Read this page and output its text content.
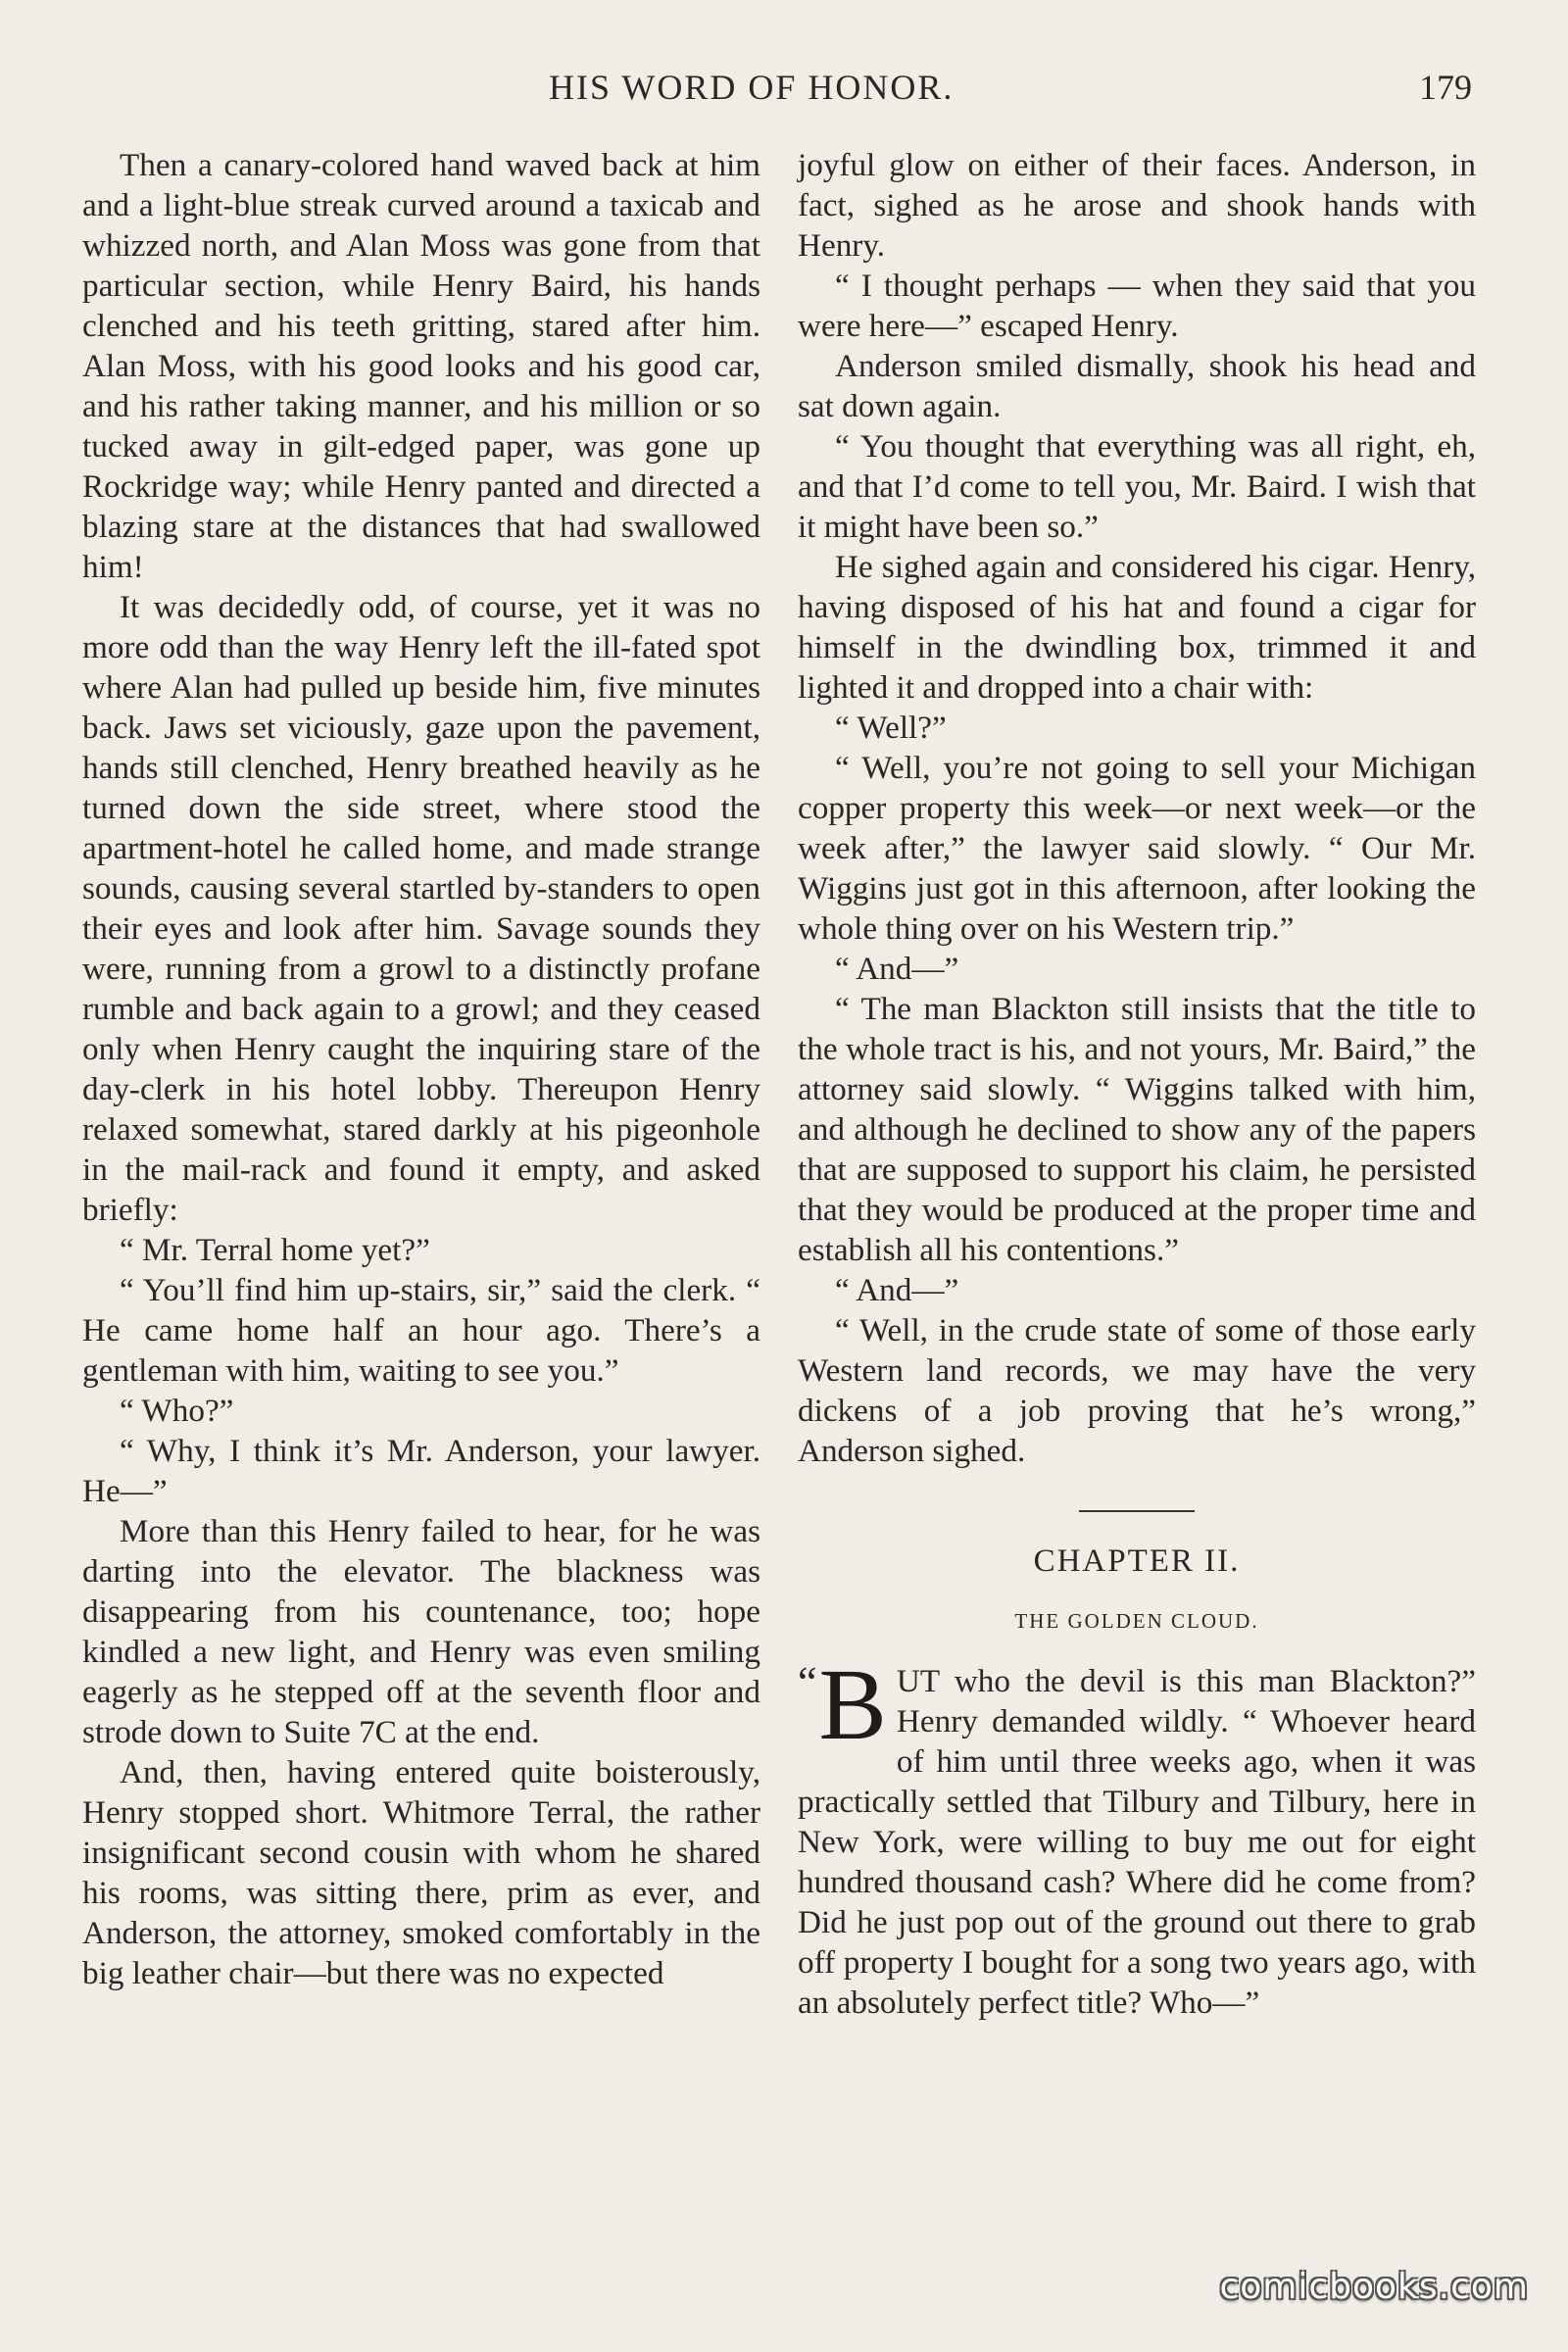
HIS WORD OF HONOR.	179

Then a canary-colored hand waved back at him and a light-blue streak curved around a taxicab and whizzed north, and Alan Moss was gone from that particular section, while Henry Baird, his hands clenched and his teeth gritting, stared after him. Alan Moss, with his good looks and his good car, and his rather taking manner, and his million or so tucked away in gilt-edged paper, was gone up Rockridge way; while Henry panted and directed a blazing stare at the distances that had swallowed him!

It was decidedly odd, of course, yet it was no more odd than the way Henry left the ill-fated spot where Alan had pulled up beside him, five minutes back. Jaws set viciously, gaze upon the pavement, hands still clenched, Henry breathed heavily as he turned down the side street, where stood the apartment-hotel he called home, and made strange sounds, causing several startled by-standers to open their eyes and look after him. Savage sounds they were, running from a growl to a distinctly profane rumble and back again to a growl; and they ceased only when Henry caught the inquiring stare of the day-clerk in his hotel lobby. Thereupon Henry relaxed somewhat, stared darkly at his pigeonhole in the mail-rack and found it empty, and asked briefly:

“ Mr. Terral home yet?”

“ You’ll find him up-stairs, sir,” said the clerk. “ He came home half an hour ago. There’s a gentleman with him, waiting to see you.”

“ Who?”

“ Why, I think it’s Mr. Anderson, your lawyer. He—”

More than this Henry failed to hear, for he was darting into the elevator. The blackness was disappearing from his countenance, too; hope kindled a new light, and Henry was even smiling eagerly as he stepped off at the seventh floor and strode down to Suite 7C at the end.

And, then, having entered quite boisterously, Henry stopped short. Whitmore Terral, the rather insignificant second cousin with whom he shared his rooms, was sitting there, prim as ever, and Anderson, the attorney, smoked comfortably in the big leather chair—but there was no expected

joyful glow on either of their faces. Anderson, in fact, sighed as he arose and shook hands with Henry.

“ I thought perhaps — when they said that you were here—” escaped Henry.

Anderson smiled dismally, shook his head and sat down again.

“ You thought that everything was all right, eh, and that I’d come to tell you, Mr. Baird. I wish that it might have been so.”

He sighed again and considered his cigar. Henry, having disposed of his hat and found a cigar for himself in the dwindling box, trimmed it and lighted it and dropped into a chair with:

“ Well?”

“ Well, you’re not going to sell your Michigan copper property this week—or next week—or the week after,” the lawyer said slowly. “ Our Mr. Wiggins just got in this afternoon, after looking the whole thing over on his Western trip.”

“ And—”

“ The man Blackton still insists that the title to the whole tract is his, and not yours, Mr. Baird,” the attorney said slowly. “ Wiggins talked with him, and although he declined to show any of the papers that are supposed to support his claim, he persisted that they would be produced at the proper time and establish all his contentions.”

“ And—”

“ Well, in the crude state of some of those early Western land records, we may have the very dickens of a job proving that he’s wrong,” Anderson sighed.

CHAPTER II.
THE GOLDEN CLOUD.

“ B UT who the devil is this man Blackton?” Henry demanded wildly. “ Whoever heard of him until three weeks ago, when it was practically settled that Tilbury and Tilbury, here in New York, were willing to buy me out for eight hundred thousand cash? Where did he come from? Did he just pop out of the ground out there to grab off property I bought for a song two years ago, with an absolutely perfect title? Who—”

comicbooks.com
